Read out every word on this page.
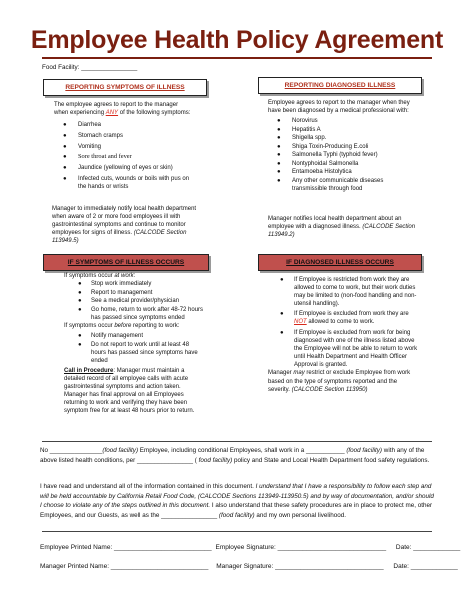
Employee Health Policy Agreement
Food Facility: ________________
REPORTING SYMPTOMS OF ILLNESS

The employee agrees to report to the manager when experiencing ANY of the following symptoms:

● Diarrhea
● Stomach cramps
● Vomiting
● Sore throat and fever
● Jaundice (yellowing of eyes or skin)
● Infected cuts, wounds or boils with pus on the hands or wrists

Manager to immediately notify local health department when aware of 2 or more food employees ill with gastrointestinal symptoms and continue to monitor employees for signs of illness. (CALCODE Section 113949.5)

REPORTING DIAGNOSED ILLNESS

Employee agrees to report to the manager when they have been diagnosed by a medical professional with:

● Norovirus
● Hepatitis A
● Shigella spp.
● Shiga Toxin-Producing E.coli
● Salmonella Typhi (typhoid fever)
● Nontyphoidal Salmonella
● Entamoeba Histolytica
● Any other communicable diseases transmissible through food

Manager notifies local health department about an employee with a diagnosed illness. (CALCODE Section 113949.2)

IF SYMPTOMS OF ILLNESS OCCURS

If symptoms occur at work:

● Stop work immediately
● Report to management
● See a medical provider/physician
● Go home, return to work after 48-72 hours has passed since symptoms ended

If symptoms occur before reporting to work:

● Notify management
● Do not report to work until at least 48 hours has passed since symptoms have ended

Call in Procedure: Manager must maintain a detailed record of all employee calls with acute gastrointestinal symptoms and action taken. Manager has final approval on all Employees returning to work and verifying they have been symptom free for at least 48 hours prior to return.

IF DIAGNOSED ILLNESS OCCURS
● If Employee is restricted from work they are allowed to come to work, but their work duties may be limited to (non-food handling and non-utensil handling).
● If Employee is excluded from work they are NOT allowed to come to work.
● If Employee is excluded from work for being diagnosed with one of the illness listed above the Employee will not be able to return to work until Health Department and Health Officer Approval is granted.

Manager may restrict or exclude Employee from work based on the type of symptoms reported and the severity. (CALCODE Section 113950)

No _______________(food facility) Employee, including conditional Employees, shall work in a ___________ (food facility) with any of the above listed health conditions, per ________________ ( food facility) policy and State and Local Health Department food safety regulations.

I have read and understand all of the information contained in this document. I understand that I have a responsibility to follow each step and will be held accountable by California Retail Food Code, (CALCODE Sections 113949-113950.5) and by way of documentation, and/or should I choose to violate any of the steps outlined in this document. I also understand that these safety procedures are in place to protect me, other Employees, and our Guests, as well as the ________________ (food facility) and my own personal livelihood.

Employee Printed Name: ___________________________ Employee Signature: ______________________________ Date: _____________
Manager Printed Name: ___________________________ Manager Signature: ______________________________ Date: _____________
